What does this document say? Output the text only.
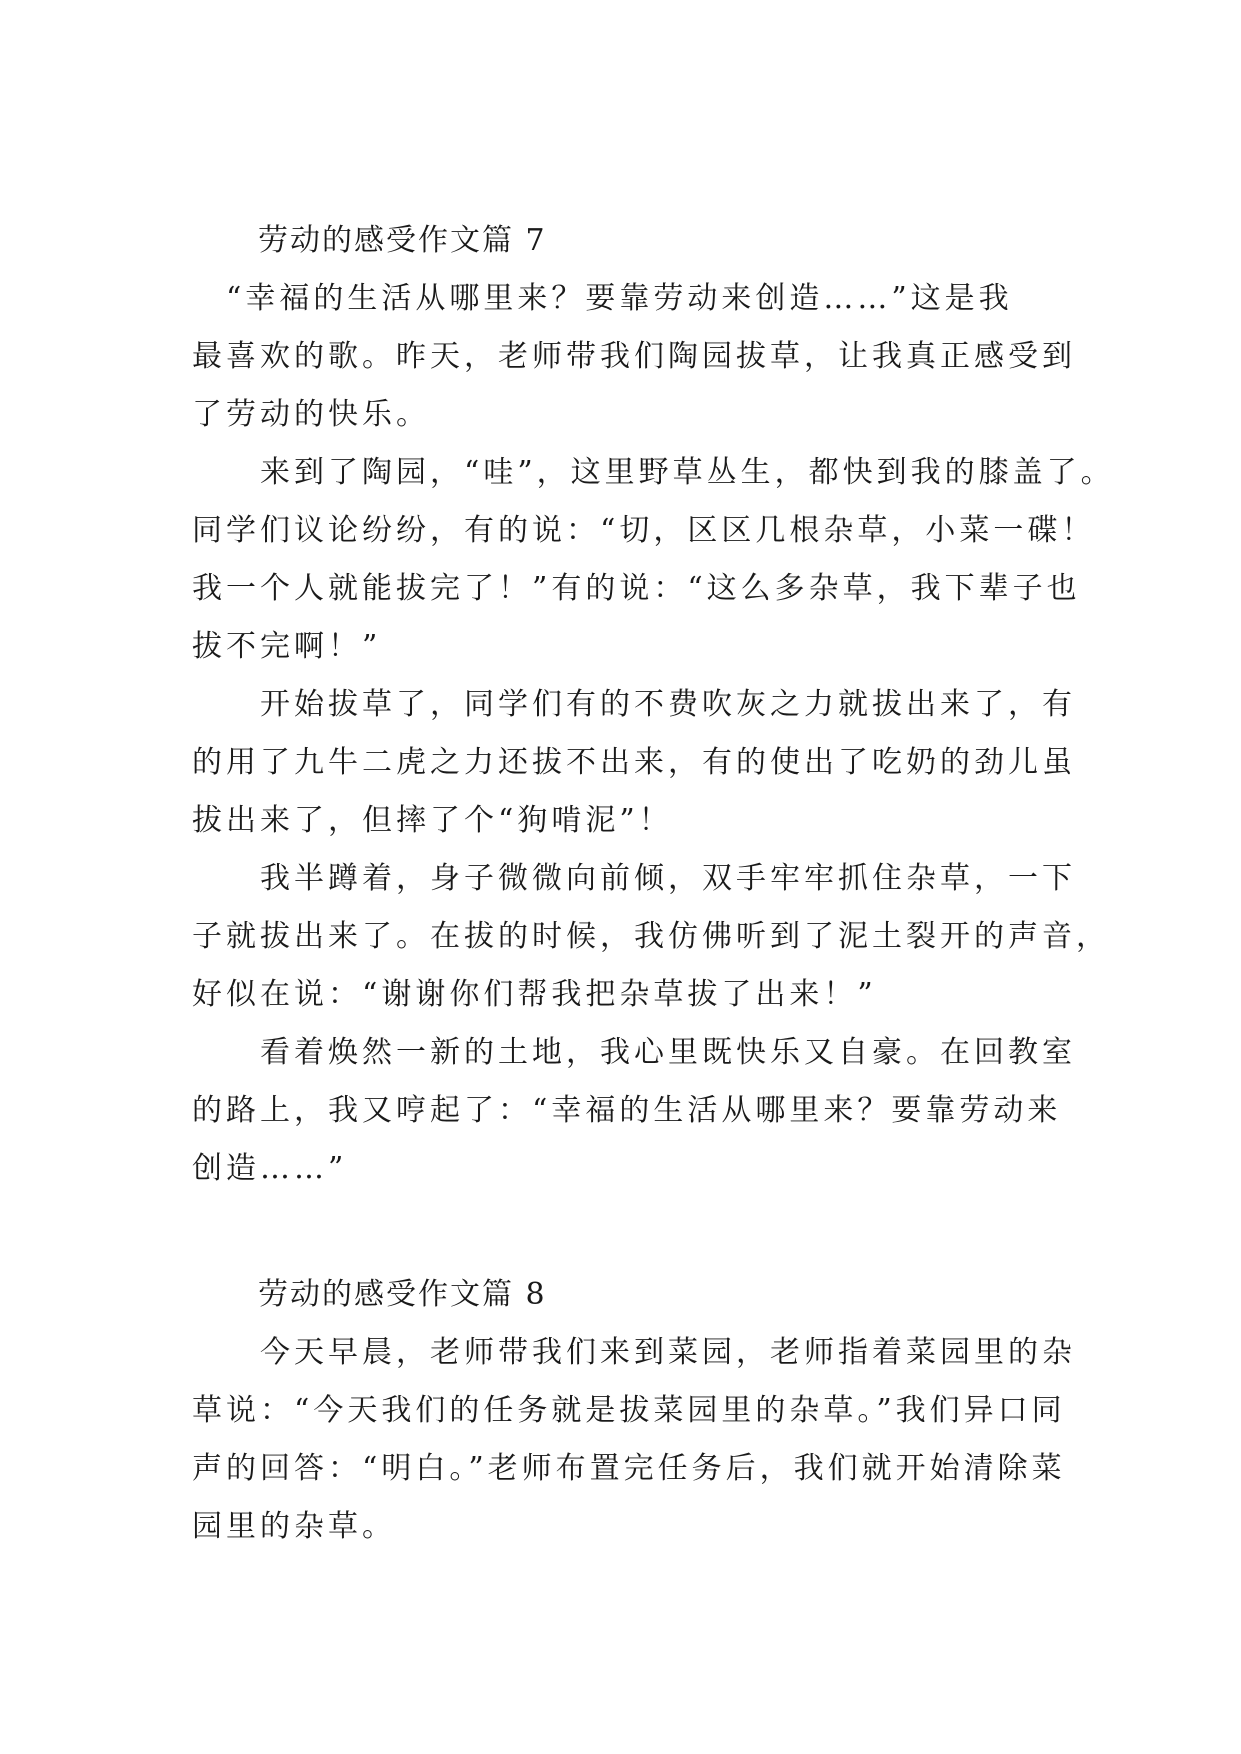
劳动的感受作文篇 7

　“幸福的生活从哪里来？要靠劳动来创造……”这是我

最喜欢的歌。昨天，老师带我们陶园拔草，让我真正感受到

了劳动的快乐。

　　来到了陶园，“哇”，这里野草丛生，都快到我的膝盖了。

同学们议论纷纷，有的说：“切，区区几根杂草，小菜一碟！

我一个人就能拔完了！”有的说：“这么多杂草，我下辈子也

拔不完啊！”

　　开始拔草了，同学们有的不费吹灰之力就拔出来了，有

的用了九牛二虎之力还拔不出来，有的使出了吃奶的劲儿虽

拔出来了，但摔了个“狗啃泥”！

　　我半蹲着，身子微微向前倾，双手牢牢抓住杂草，一下

子就拔出来了。在拔的时候，我仿佛听到了泥土裂开的声音，

好似在说：“谢谢你们帮我把杂草拔了出来！”

　　看着焕然一新的土地，我心里既快乐又自豪。在回教室

的路上，我又哼起了：“幸福的生活从哪里来？要靠劳动来

创造……”

劳动的感受作文篇 8

　　今天早晨，老师带我们来到菜园，老师指着菜园里的杂

草说：“今天我们的任务就是拔菜园里的杂草。”我们异口同

声的回答：“明白。”老师布置完任务后，我们就开始清除菜

园里的杂草。
